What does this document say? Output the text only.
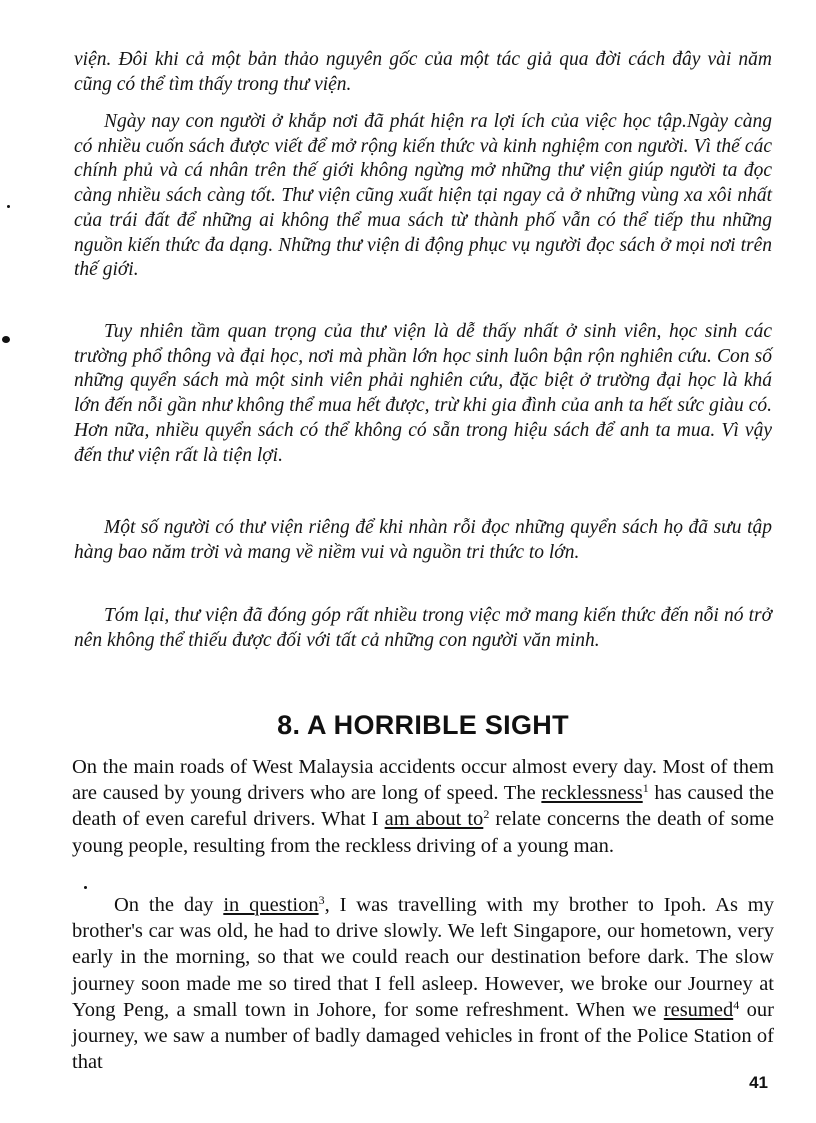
viện. Đôi khi cả một bản thảo nguyên gốc của một tác giả qua đời cách đây vài năm cũng có thể tìm thấy trong thư viện.

Ngày nay con người ở khắp nơi đã phát hiện ra lợi ích của việc học tập.Ngày càng có nhiều cuốn sách được viết để mở rộng kiến thức và kinh nghiệm con người. Vì thế các chính phủ và cá nhân trên thế giới không ngừng mở những thư viện giúp người ta đọc càng nhiều sách càng tốt. Thư viện cũng xuất hiện tại ngay cả ở những vùng xa xôi nhất của trái đất để những ai không thể mua sách từ thành phố vẫn có thể tiếp thu những nguồn kiến thức đa dạng. Những thư viện di động phục vụ người đọc sách ở mọi nơi trên thế giới.

Tuy nhiên tầm quan trọng của thư viện là dễ thấy nhất ở sinh viên, học sinh các trường phổ thông và đại học, nơi mà phần lớn học sinh luôn bận rộn nghiên cứu. Con số những quyển sách mà một sinh viên phải nghiên cứu, đặc biệt ở trường đại học là khá lớn đến nỗi gần như không thể mua hết được, trừ khi gia đình của anh ta hết sức giàu có. Hơn nữa, nhiều quyển sách có thể không có sẵn trong hiệu sách để anh ta mua. Vì vậy đến thư viện rất là tiện lợi.

Một số người có thư viện riêng để khi nhàn rỗi đọc những quyển sách họ đã sưu tập hàng bao năm trời và mang về niềm vui và nguồn tri thức to lớn.

Tóm lại, thư viện đã đóng góp rất nhiều trong việc mở mang kiến thức đến nỗi nó trở nên không thể thiếu được đối với tất cả những con người văn minh.

8. A HORRIBLE SIGHT

On the main roads of West Malaysia accidents occur almost every day. Most of them are caused by young drivers who are long of speed. The recklessness$^1$ has caused the death of even careful drivers. What I am about $to^2$ relate concerns the death of some young people, resulting from the reckless driving of a young man.

On the day in question$^3$, I was travelling with my brother to Ipoh. As my brother's car was old, he had to drive slowly. We left Singapore, our hometown, very early in the morning, so that we could reach our destination before dark. The slow journey soon made me so tired that I fell asleep. However, we broke our Journey at Yong Peng, a small town in Johore, for some refreshment. When we resumed$^4$ our journey, we saw a number of badly damaged vehicles in front of the Police Station of that

41
